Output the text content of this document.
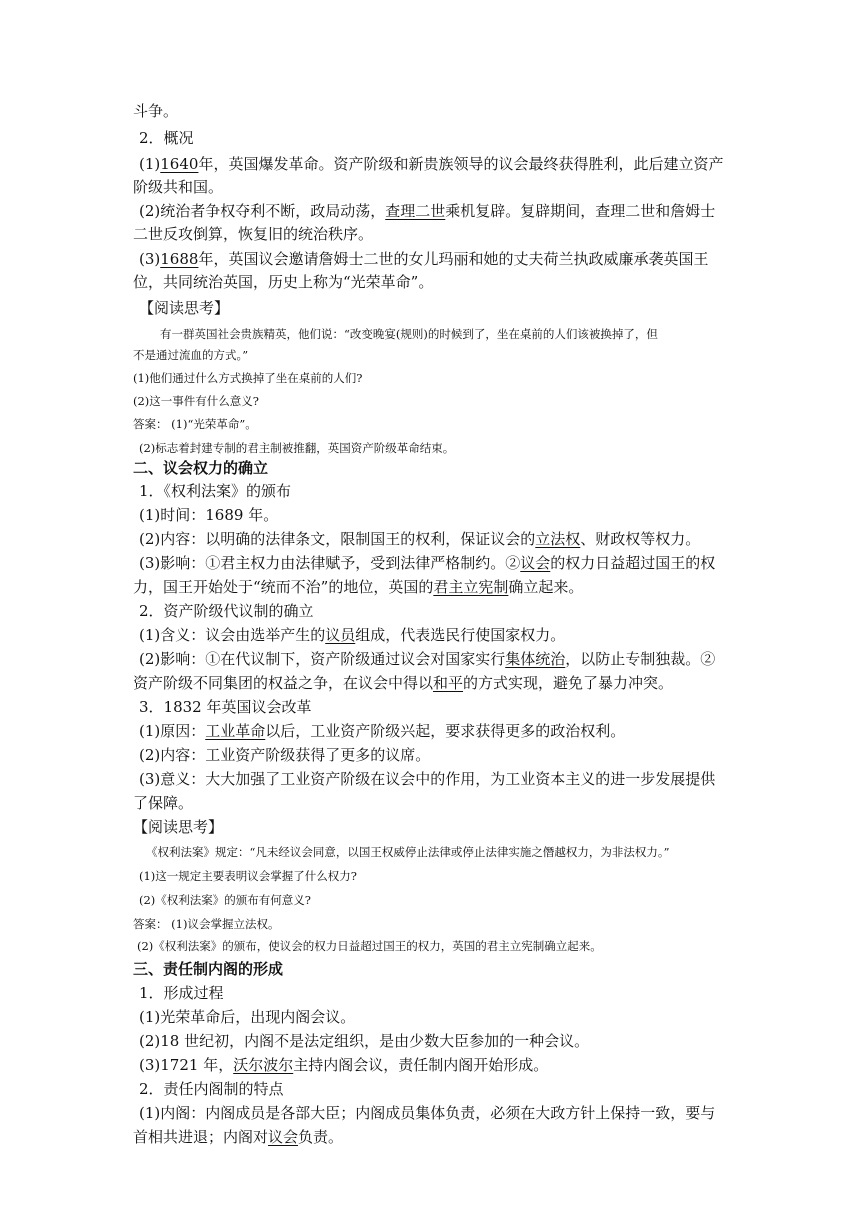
斗争。
2．概况
(1)1640年，英国爆发革命。资产阶级和新贵族领导的议会最终获得胜利，此后建立资产
阶级共和国。
(2)统治者争权夺利不断，政局动荡，查理二世乘机复辟。复辟期间，查理二世和詹姆士
二世反攻倒算，恢复旧的统治秩序。
(3)1688年，英国议会邀请詹姆士二世的女儿玛丽和她的丈夫荷兰执政威廉承袭英国王
位，共同统治英国，历史上称为“光荣革命”。
【阅读思考】
有一群英国社会贵族精英，他们说：“改变晚宴(规则)的时候到了，坐在桌前的人们该被换掉了，但
不是通过流血的方式。”
(1)他们通过什么方式换掉了坐在桌前的人们?
(2)这一事件有什么意义?
答案： (1)“光荣革命”。
(2)标志着封建专制的君主制被推翻，英国资产阶级革命结束。
二、议会权力的确立
1．《权利法案》的颁布
(1)时间：1689 年。
(2)内容：以明确的法律条文，限制国王的权利，保证议会的立法权、财政权等权力。
(3)影响：①君主权力由法律赋予，受到法律严格制约。②议会的权力日益超过国王的权
力，国王开始处于“统而不治”的地位，英国的君主立宪制确立起来。
2．资产阶级代议制的确立
(1)含义：议会由选举产生的议员组成，代表选民行使国家权力。
(2)影响：①在代议制下，资产阶级通过议会对国家实行集体统治，以防止专制独裁。②
资产阶级不同集团的权益之争，在议会中得以和平的方式实现，避免了暴力冲突。
3．1832 年英国议会改革
(1)原因：工业革命以后，工业资产阶级兴起，要求获得更多的政治权利。
(2)内容：工业资产阶级获得了更多的议席。
(3)意义：大大加强了工业资产阶级在议会中的作用，为工业资本主义的进一步发展提供
了保障。
【阅读思考】
《权利法案》规定：“凡未经议会同意，以国王权威停止法律或停止法律实施之僭越权力，为非法权力。”
(1)这一规定主要表明议会掌握了什么权力?
(2)《权利法案》的颁布有何意义?
答案： (1)议会掌握立法权。
(2)《权利法案》的颁布，使议会的权力日益超过国王的权力，英国的君主立宪制确立起来。
三、责任制内阁的形成
1．形成过程
(1)光荣革命后，出现内阁会议。
(2)18 世纪初，内阁不是法定组织，是由少数大臣参加的一种会议。
(3)1721 年，沃尔波尔主持内阁会议，责任制内阁开始形成。
2．责任内阁制的特点
(1)内阁：内阁成员是各部大臣；内阁成员集体负责，必须在大政方针上保持一致，要与
首相共进退；内阁对议会负责。
